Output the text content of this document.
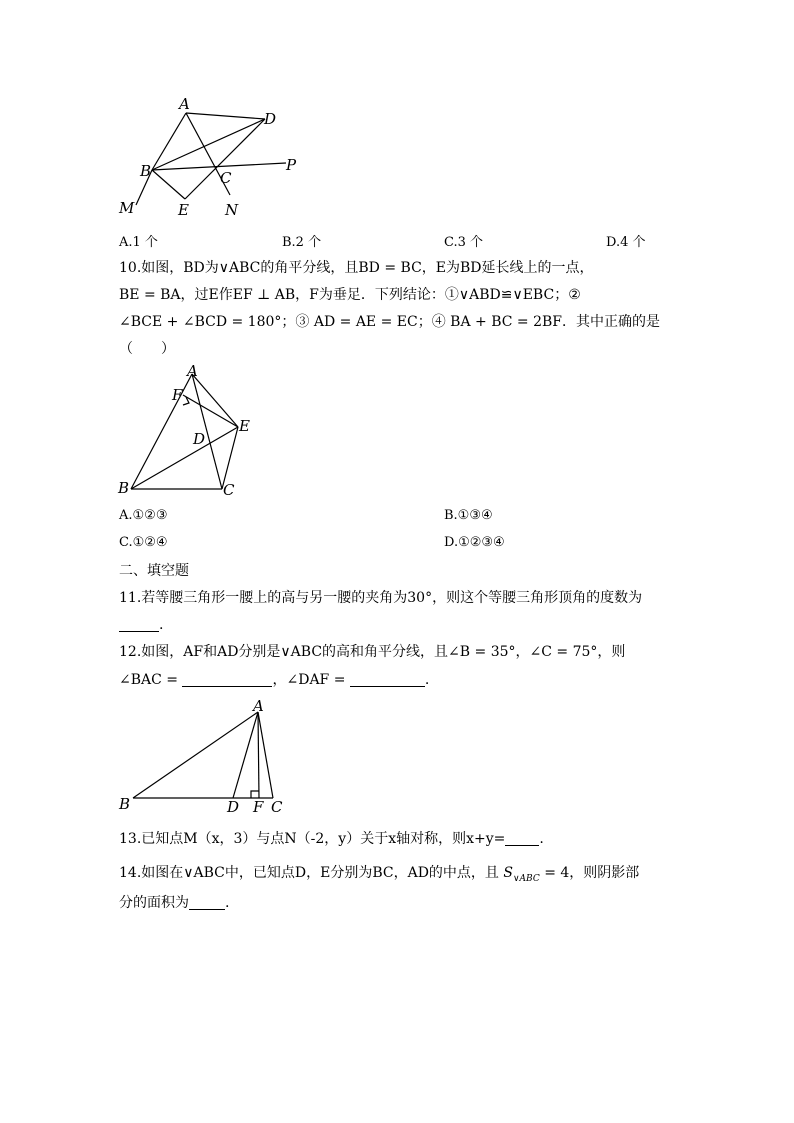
A
D
B	C
P
M	E N
A.1 个	B.2 个	C.3 个	D.4 个
10.如图，BD为∨ABC的角平分线，且BD = BC，E为BD延长线上的一点，
BE = BA，过E作EF ⊥ AB，F为垂足．下列结论：①∨ABD≌∨EBC；②
∠BCE + ∠BCD = 180°；③ AD = AE = EC；④ BA + BC = 2BF．其中正确的是
（　　）
A
F
E
D
B	C
A.①②③	B.①③④
C.①②④	D.①②③④
二、填空题
11.若等腰三角形一腰上的高与另一腰的夹角为30°，则这个等腰三角形顶角的度数为
.
12.如图，AF和AD分别是∨ABC的高和角平分线，且∠B = 35°，∠C = 75°，则
∠BAC =	，∠DAF =	.
A
B	D F C
13.已知点M（x，3）与点N（-2，y）关于x轴对称，则x+y= .
14.如图在∨ABC中，已知点D，E分别为BC，AD的中点，且 $S_{\vee ABC} = 4$，则阴影部
分的面积为	.
